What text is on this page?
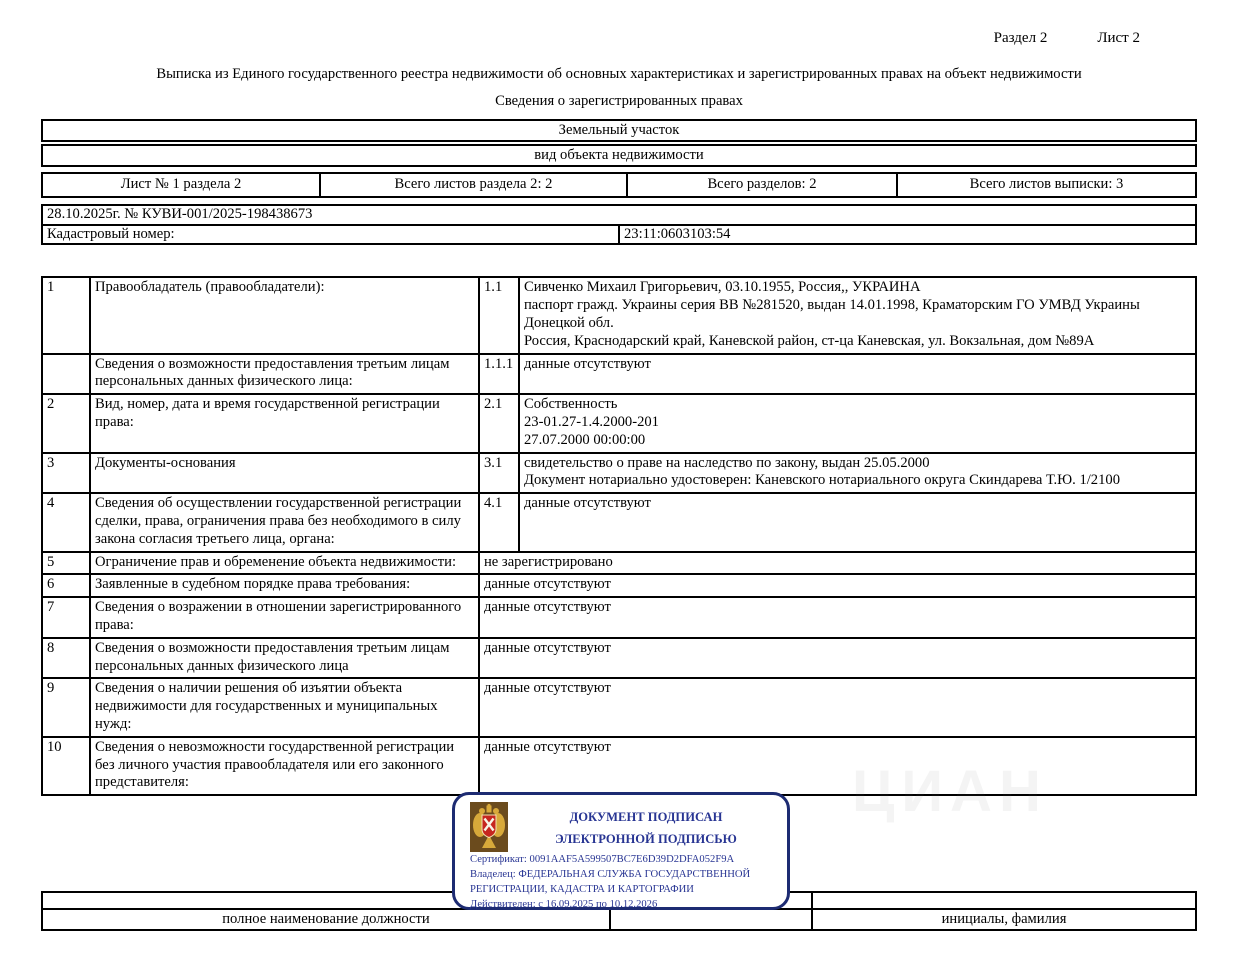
ЦИАН
Раздел 2	Лист 2
Выписка из Единого государственного реестра недвижимости об основных характеристиках и зарегистрированных правах на объект недвижимости
Сведения о зарегистрированных правах
Земельный участок
вид объекта недвижимости
Лист № 1 раздела 2	Всего листов раздела 2: 2	Всего разделов: 2	Всего листов выписки: 3
28.10.2025г. № КУВИ-001/2025-198438673
Кадастровый номер:	23:11:0603103:54
1	Правообладатель (правообладатели):	1.1	Сивченко Михаил Григорьевич, 03.10.1955, Россия,, УКРАИНА
паспорт гражд. Украины серия ВВ №281520, выдан 14.01.1998, Краматорским ГО УМВД Украины Донецкой обл.
Россия, Краснодарский край, Каневской район, ст-ца Каневская, ул. Вокзальная, дом №89А
	Сведения о возможности предоставления третьим лицам персональных данных физического лица:	1.1.1	данные отсутствуют
2	Вид, номер, дата и время государственной регистрации права:	2.1	Собственность
23-01.27-1.4.2000-201
27.07.2000 00:00:00
3	Документы-основания	3.1	свидетельство о праве на наследство по закону, выдан 25.05.2000
Документ нотариально удостоверен: Каневского нотариального округа Скиндарева Т.Ю. 1/2100
4	Сведения об осуществлении государственной регистрации сделки, права, ограничения права без необходимого в силу закона согласия третьего лица, органа:	4.1	данные отсутствуют
5	Ограничение прав и обременение объекта недвижимости:	не зарегистрировано	
6	Заявленные в судебном порядке права требования:	данные отсутствуют	
7	Сведения о возражении в отношении зарегистрированного права:	данные отсутствуют	
8	Сведения о возможности предоставления третьим лицам персональных данных физического лица	данные отсутствуют	
9	Сведения о наличии решения об изъятии объекта недвижимости для государственных и муниципальных нужд:	данные отсутствуют	
10	Сведения о невозможности государственной регистрации без личного участия правообладателя или его законного представителя:	данные отсутствуют	

полное наименование должности		инициалы, фамилия
ДОКУМЕНТ ПОДПИСАН
ЭЛЕКТРОННОЙ ПОДПИСЬЮ
Сертификат: 0091AAF5A599507BC7E6D39D2DFA052F9A
Владелец: ФЕДЕРАЛЬНАЯ СЛУЖБА ГОСУДАРСТВЕННОЙ
РЕГИСТРАЦИИ, КАДАСТРА И КАРТОГРАФИИ
Действителен: с 16.09.2025 по 10.12.2026
